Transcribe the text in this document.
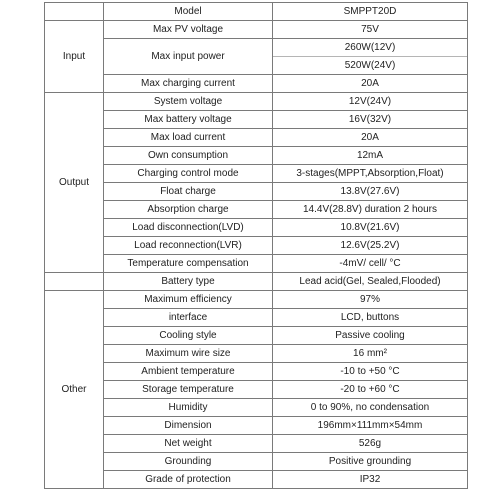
	Model	SMPPT20D
Input	Max PV voltage	75V
	Max input power	260W(12V)
520W(24V)

	Max charging current	20A
Output	System voltage	12V(24V)
	Max battery voltage	16V(32V)
	Max load current	20A
	Own consumption	12mA
	Charging control mode	3-stages(MPPT,Absorption,Float)
	Float charge	13.8V(27.6V)
	Absorption charge	14.4V(28.8V) duration 2 hours
	Load disconnection(LVD)	10.8V(21.6V)
	Load reconnection(LVR)	12.6V(25.2V)
	Temperature compensation	-4mV/ cell/ °C
	Battery type	Lead acid(Gel, Sealed,Flooded)
Other	Maximum efficiency	97%
	interface	LCD, buttons
	Cooling style	Passive cooling
	Maximum wire size	16 mm²
	Ambient temperature	-10 to +50 °C
	Storage temperature	-20 to +60 °C
	Humidity	0 to 90%, no condensation
	Dimension	196mm×111mm×54mm
	Net weight	526g
	Grounding	Positive grounding
	Grade of protection	IP32
